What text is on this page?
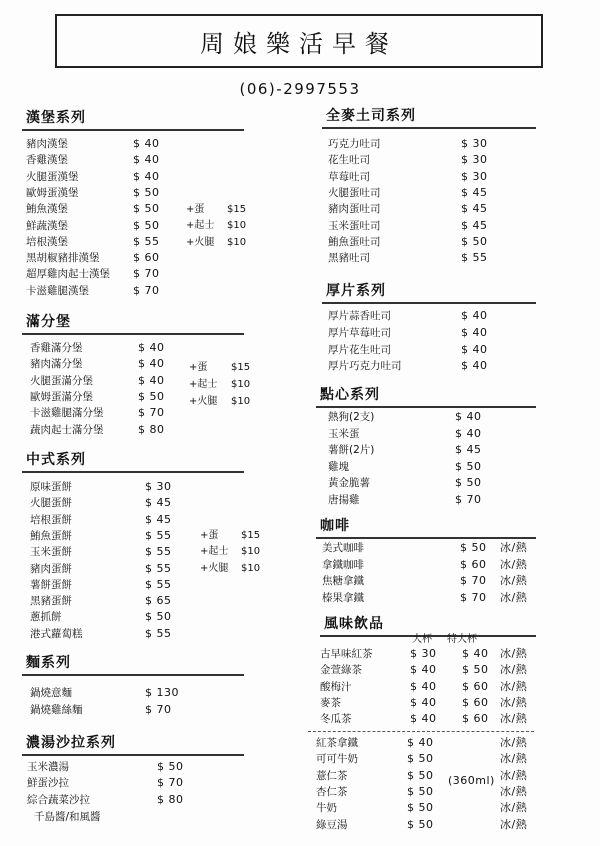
周娘樂活早餐
(06)-2997553
漢堡系列
豬肉漢堡	$ 40
香雞漢堡	$ 40
火腿蛋漢堡	$ 40
歐姆蛋漢堡	$ 50
鮪魚漢堡	$ 50
鮮蔬漢堡	$ 50
培根漢堡	$ 55
黑胡椒豬排漢堡	$ 60
超厚雞肉起士漢堡 $ 70
卡滋雞腿漢堡	$ 70
+蛋 $15
+起士 $10
+火腿 $10
滿分堡
香雞滿分堡	$ 40
豬肉滿分堡	$ 40
火腿蛋滿分堡	$ 40
歐姆蛋滿分堡	$ 50
卡滋雞腿滿分堡	$ 70
蔬肉起士滿分堡	$ 80
+蛋 $15
+起士 $10
+火腿 $10
中式系列
原味蛋餅	$ 30
火腿蛋餅	$ 45
培根蛋餅	$ 45
鮪魚蛋餅	$ 55
玉米蛋餅	$ 55
豬肉蛋餅	$ 55
薯餅蛋餅	$ 55
黑豬蛋餅	$ 65
蔥抓餅	$ 50
港式蘿蔔糕	$ 55
+蛋 $15
+起士 $10
+火腿 $10
麵系列
鍋燒意麵	$ 130
鍋燒雞絲麵	$ 70
濃湯沙拉系列
玉米濃湯	$ 50
鮮蛋沙拉	$ 70
綜合蔬菜沙拉	$ 80
千島醬/和風醬
全麥土司系列
巧克力吐司	$ 30
花生吐司	$ 30
草莓吐司	$ 30
火腿蛋吐司	$ 45
豬肉蛋吐司	$ 45
玉米蛋吐司	$ 45
鮪魚蛋吐司	$ 50
黑豬吐司	$ 55
厚片系列
厚片蒜香吐司	$ 40
厚片草莓吐司	$ 40
厚片花生吐司	$ 40
厚片巧克力吐司	$ 40
點心系列
熱狗(2支)	$ 40
玉米蛋	$ 40
薯餅(2片)	$ 45
雞塊	$ 50
黃金脆薯	$ 50
唐揚雞	$ 70
咖啡
美式咖啡	$ 50 冰/熱
拿鐵咖啡	$ 60 冰/熱
焦糖拿鐵	$ 70 冰/熱
榛果拿鐵	$ 70 冰/熱
風味飲品
大杯 特大杯
古早味紅茶	$ 30 $ 40 冰/熱
金萱綠茶	$ 40 $ 50 冰/熱
酸梅汁	$ 40 $ 60 冰/熱
麥茶	$ 40 $ 60 冰/熱
冬瓜茶	$ 40 $ 60 冰/熱
紅茶拿鐵	$ 40	冰/熱
可可牛奶	$ 50	冰/熱
薏仁茶	$ 50	冰/熱
杏仁茶	$ 50	冰/熱
牛奶	$ 50	冰/熱
綠豆湯	$ 50	冰/熱
(360ml)
